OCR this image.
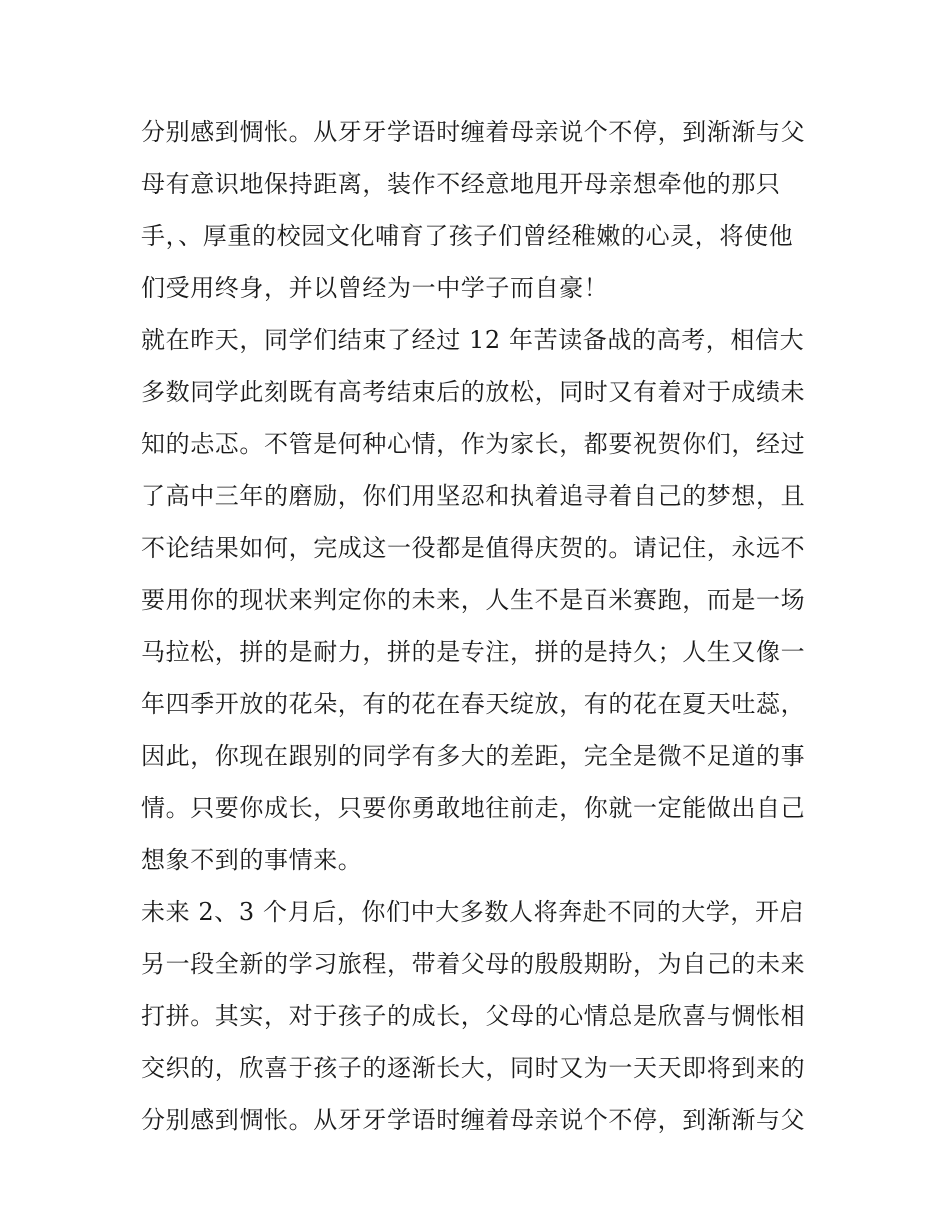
分别感到惆怅。从牙牙学语时缠着母亲说个不停，到渐渐与父
母有意识地保持距离，装作不经意地甩开母亲想牵他的那只
手，、厚重的校园文化哺育了孩子们曾经稚嫩的心灵，将使他
们受用终身，并以曾经为一中学子而自豪！
就在昨天，同学们结束了经过 12 年苦读备战的高考，相信大
多数同学此刻既有高考结束后的放松，同时又有着对于成绩未
知的忐忑。不管是何种心情，作为家长，都要祝贺你们，经过
了高中三年的磨励，你们用坚忍和执着追寻着自己的梦想，且
不论结果如何，完成这一役都是值得庆贺的。请记住，永远不
要用你的现状来判定你的未来，人生不是百米赛跑，而是一场
马拉松，拼的是耐力，拼的是专注，拼的是持久；人生又像一
年四季开放的花朵，有的花在春天绽放，有的花在夏天吐蕊，
因此，你现在跟别的同学有多大的差距，完全是微不足道的事
情。只要你成长，只要你勇敢地往前走，你就一定能做出自己
想象不到的事情来。
未来 2、3 个月后，你们中大多数人将奔赴不同的大学，开启
另一段全新的学习旅程，带着父母的殷殷期盼，为自己的未来
打拼。其实，对于孩子的成长，父母的心情总是欣喜与惆怅相
交织的，欣喜于孩子的逐渐长大，同时又为一天天即将到来的
分别感到惆怅。从牙牙学语时缠着母亲说个不停，到渐渐与父
